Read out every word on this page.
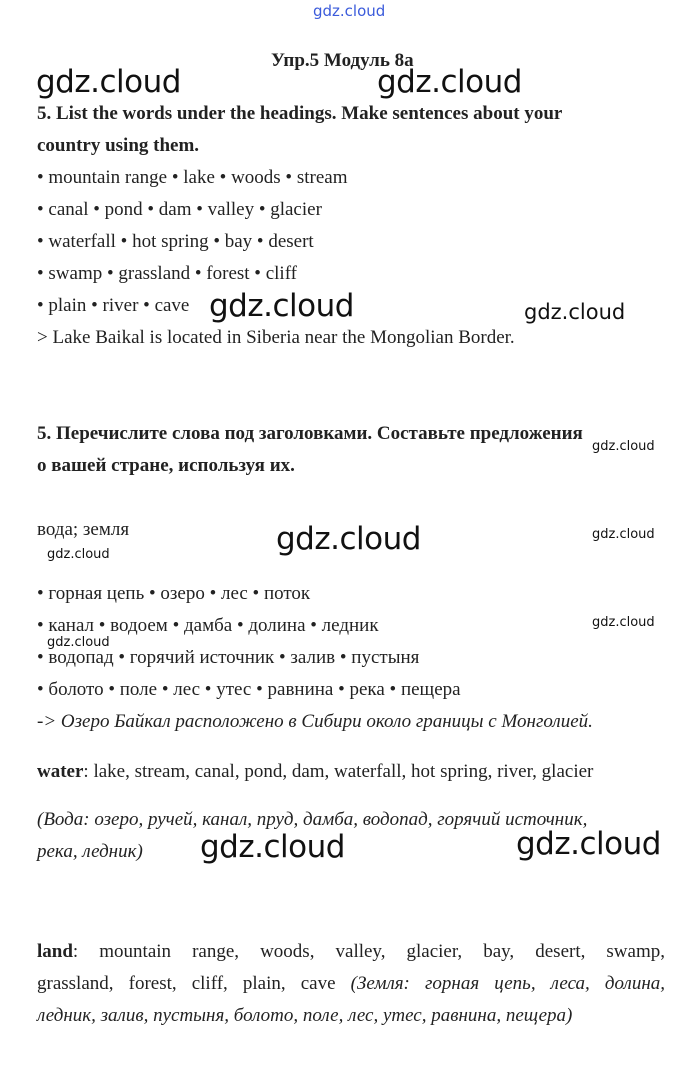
gdz.cloud
Упр.5 Модуль 8а
gdz.cloud	gdz.cloud
5. List the words under the headings. Make sentences about your
country using them.
• mountain range • lake • woods • stream
• canal • pond • dam • valley • glacier
• waterfall • hot spring • bay • desert
• swamp • grassland • forest • cliff
• plain • river • cave gdz.cloud	gdz.cloud
> Lake Baikal is located in Siberia near the Mongolian Border.
5. Перечислите слова под заголовками. Составьте предложения
gdz.cloud
о вашей стране, используя их.
вода; земля
gdz.cloud	gdz.cloud	gdz.cloud
• горная цепь • озеро • лес • поток
• канал • водоем • дамба • долина • ледник	gdz.cloud
gdz.cloud
• водопад • горячий источник • залив • пустыня
• болото • поле • лес • утес • равнина • река • пещера
-> Озеро Байкал расположено в Сибири около границы с Монголией.
water: lake, stream, canal, pond, dam, waterfall, hot spring, river, glacier
(Вода: озеро, ручей, канал, пруд, дамба, водопад, горячий источник,
река, ледник) gdz.cloud	gdz.cloud
land: mountain range, woods, valley, glacier, bay, desert, swamp,
grassland, forest, cliff, plain, cave (Земля: горная цепь, леса, долина,
ледник, залив, пустыня, болото, поле, лес, утес, равнина, пещера)
